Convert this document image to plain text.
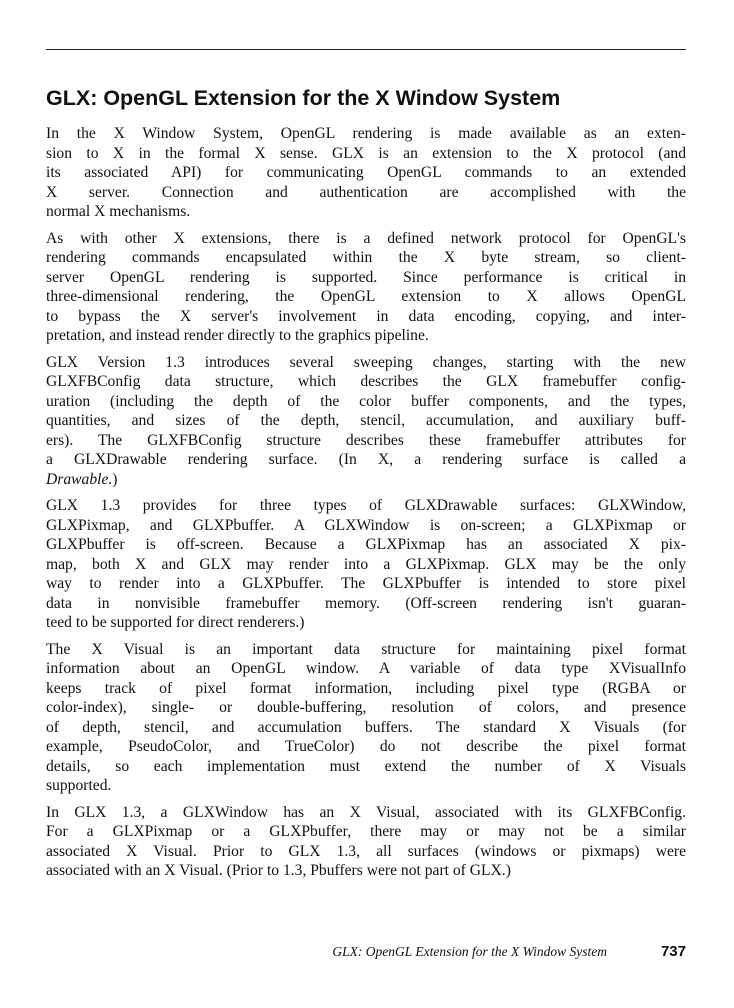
GLX: OpenGL Extension for the X Window System

In the X Window System, OpenGL rendering is made available as an exten-
sion to X in the formal X sense. GLX is an extension to the X protocol (and
its associated API) for communicating OpenGL commands to an extended
X server. Connection and authentication are accomplished with the
normal X mechanisms.

As with other X extensions, there is a defined network protocol for OpenGL's
rendering commands encapsulated within the X byte stream, so client-
server OpenGL rendering is supported. Since performance is critical in
three-dimensional rendering, the OpenGL extension to X allows OpenGL
to bypass the X server's involvement in data encoding, copying, and inter-
pretation, and instead render directly to the graphics pipeline.

GLX Version 1.3 introduces several sweeping changes, starting with the new
GLXFBConfig data structure, which describes the GLX framebuffer config-
uration (including the depth of the color buffer components, and the types,
quantities, and sizes of the depth, stencil, accumulation, and auxiliary buff-
ers). The GLXFBConfig structure describes these framebuffer attributes for
a GLXDrawable rendering surface. (In X, a rendering surface is called a
Drawable.)

GLX 1.3 provides for three types of GLXDrawable surfaces: GLXWindow,
GLXPixmap, and GLXPbuffer. A GLXWindow is on-screen; a GLXPixmap or
GLXPbuffer is off-screen. Because a GLXPixmap has an associated X pix-
map, both X and GLX may render into a GLXPixmap. GLX may be the only
way to render into a GLXPbuffer. The GLXPbuffer is intended to store pixel
data in nonvisible framebuffer memory. (Off-screen rendering isn't guaran-
teed to be supported for direct renderers.)

The X Visual is an important data structure for maintaining pixel format
information about an OpenGL window. A variable of data type XVisualInfo
keeps track of pixel format information, including pixel type (RGBA or
color-index), single- or double-buffering, resolution of colors, and presence
of depth, stencil, and accumulation buffers. The standard X Visuals (for
example, PseudoColor, and TrueColor) do not describe the pixel format
details, so each implementation must extend the number of X Visuals
supported.

In GLX 1.3, a GLXWindow has an X Visual, associated with its GLXFBConfig.
For a GLXPixmap or a GLXPbuffer, there may or may not be a similar
associated X Visual. Prior to GLX 1.3, all surfaces (windows or pixmaps) were
associated with an X Visual. (Prior to 1.3, Pbuffers were not part of GLX.)

GLX: OpenGL Extension for the X Window System	737
